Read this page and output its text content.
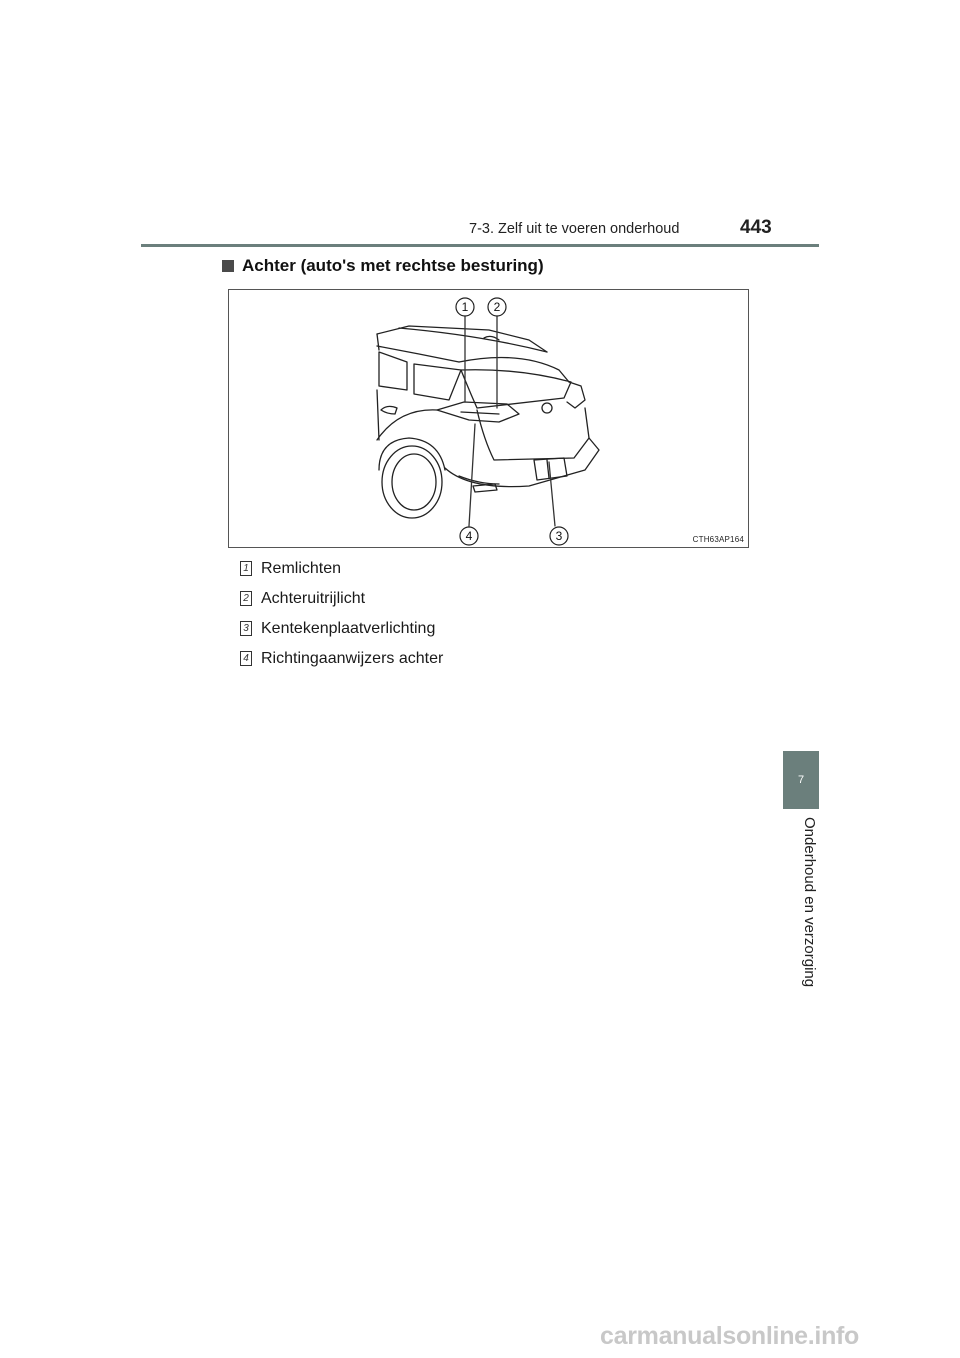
7-3. Zelf uit te voeren onderhoud	443
Achter (auto's met rechtse besturing)
1 2
4	3	CTH63AP164
1 Remlichten
2 Achteruitrijlicht
3 Kentekenplaatverlichting
4 Richtingaanwijzers achter
7
Onderhoud en verzorging
carmanualsonline.info
